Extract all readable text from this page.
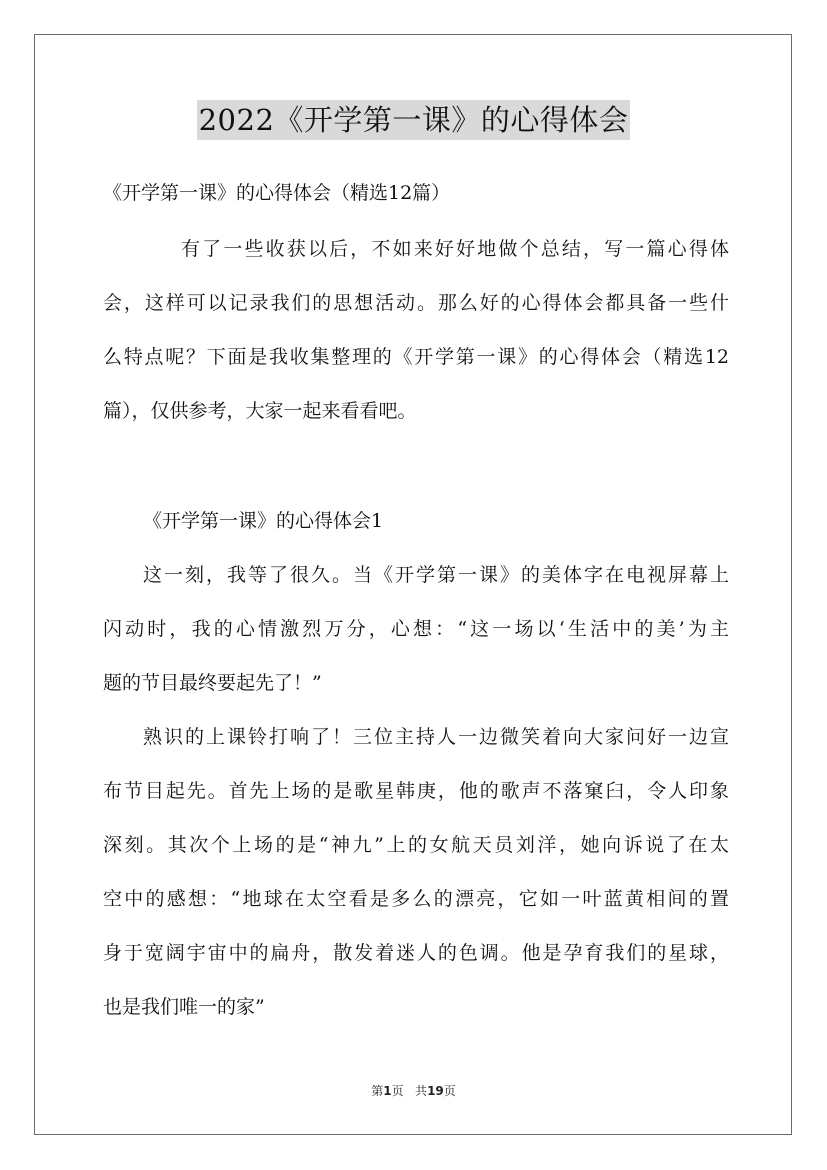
2022《开学第一课》的心得体会
《开学第一课》的心得体会（精选12篇）
有了一些收获以后，不如来好好地做个总结，写一篇心得体
会，这样可以记录我们的思想活动。那么好的心得体会都具备一些什
么特点呢？下面是我收集整理的《开学第一课》的心得体会（精选12
篇），仅供参考，大家一起来看看吧。
《开学第一课》的心得体会1
这一刻，我等了很久。当《开学第一课》的美体字在电视屏幕上
闪动时，我的心情激烈万分，心想：“这一场以‘生活中的美’为主
题的节目最终要起先了！”
熟识的上课铃打响了！三位主持人一边微笑着向大家问好一边宣
布节目起先。首先上场的是歌星韩庚，他的歌声不落窠臼，令人印象
深刻。其次个上场的是“神九”上的女航天员刘洋，她向诉说了在太
空中的感想：“地球在太空看是多么的漂亮，它如一叶蓝黄相间的置
身于宽阔宇宙中的扁舟，散发着迷人的色调。他是孕育我们的星球，
也是我们唯一的家”
第1页 共19页
